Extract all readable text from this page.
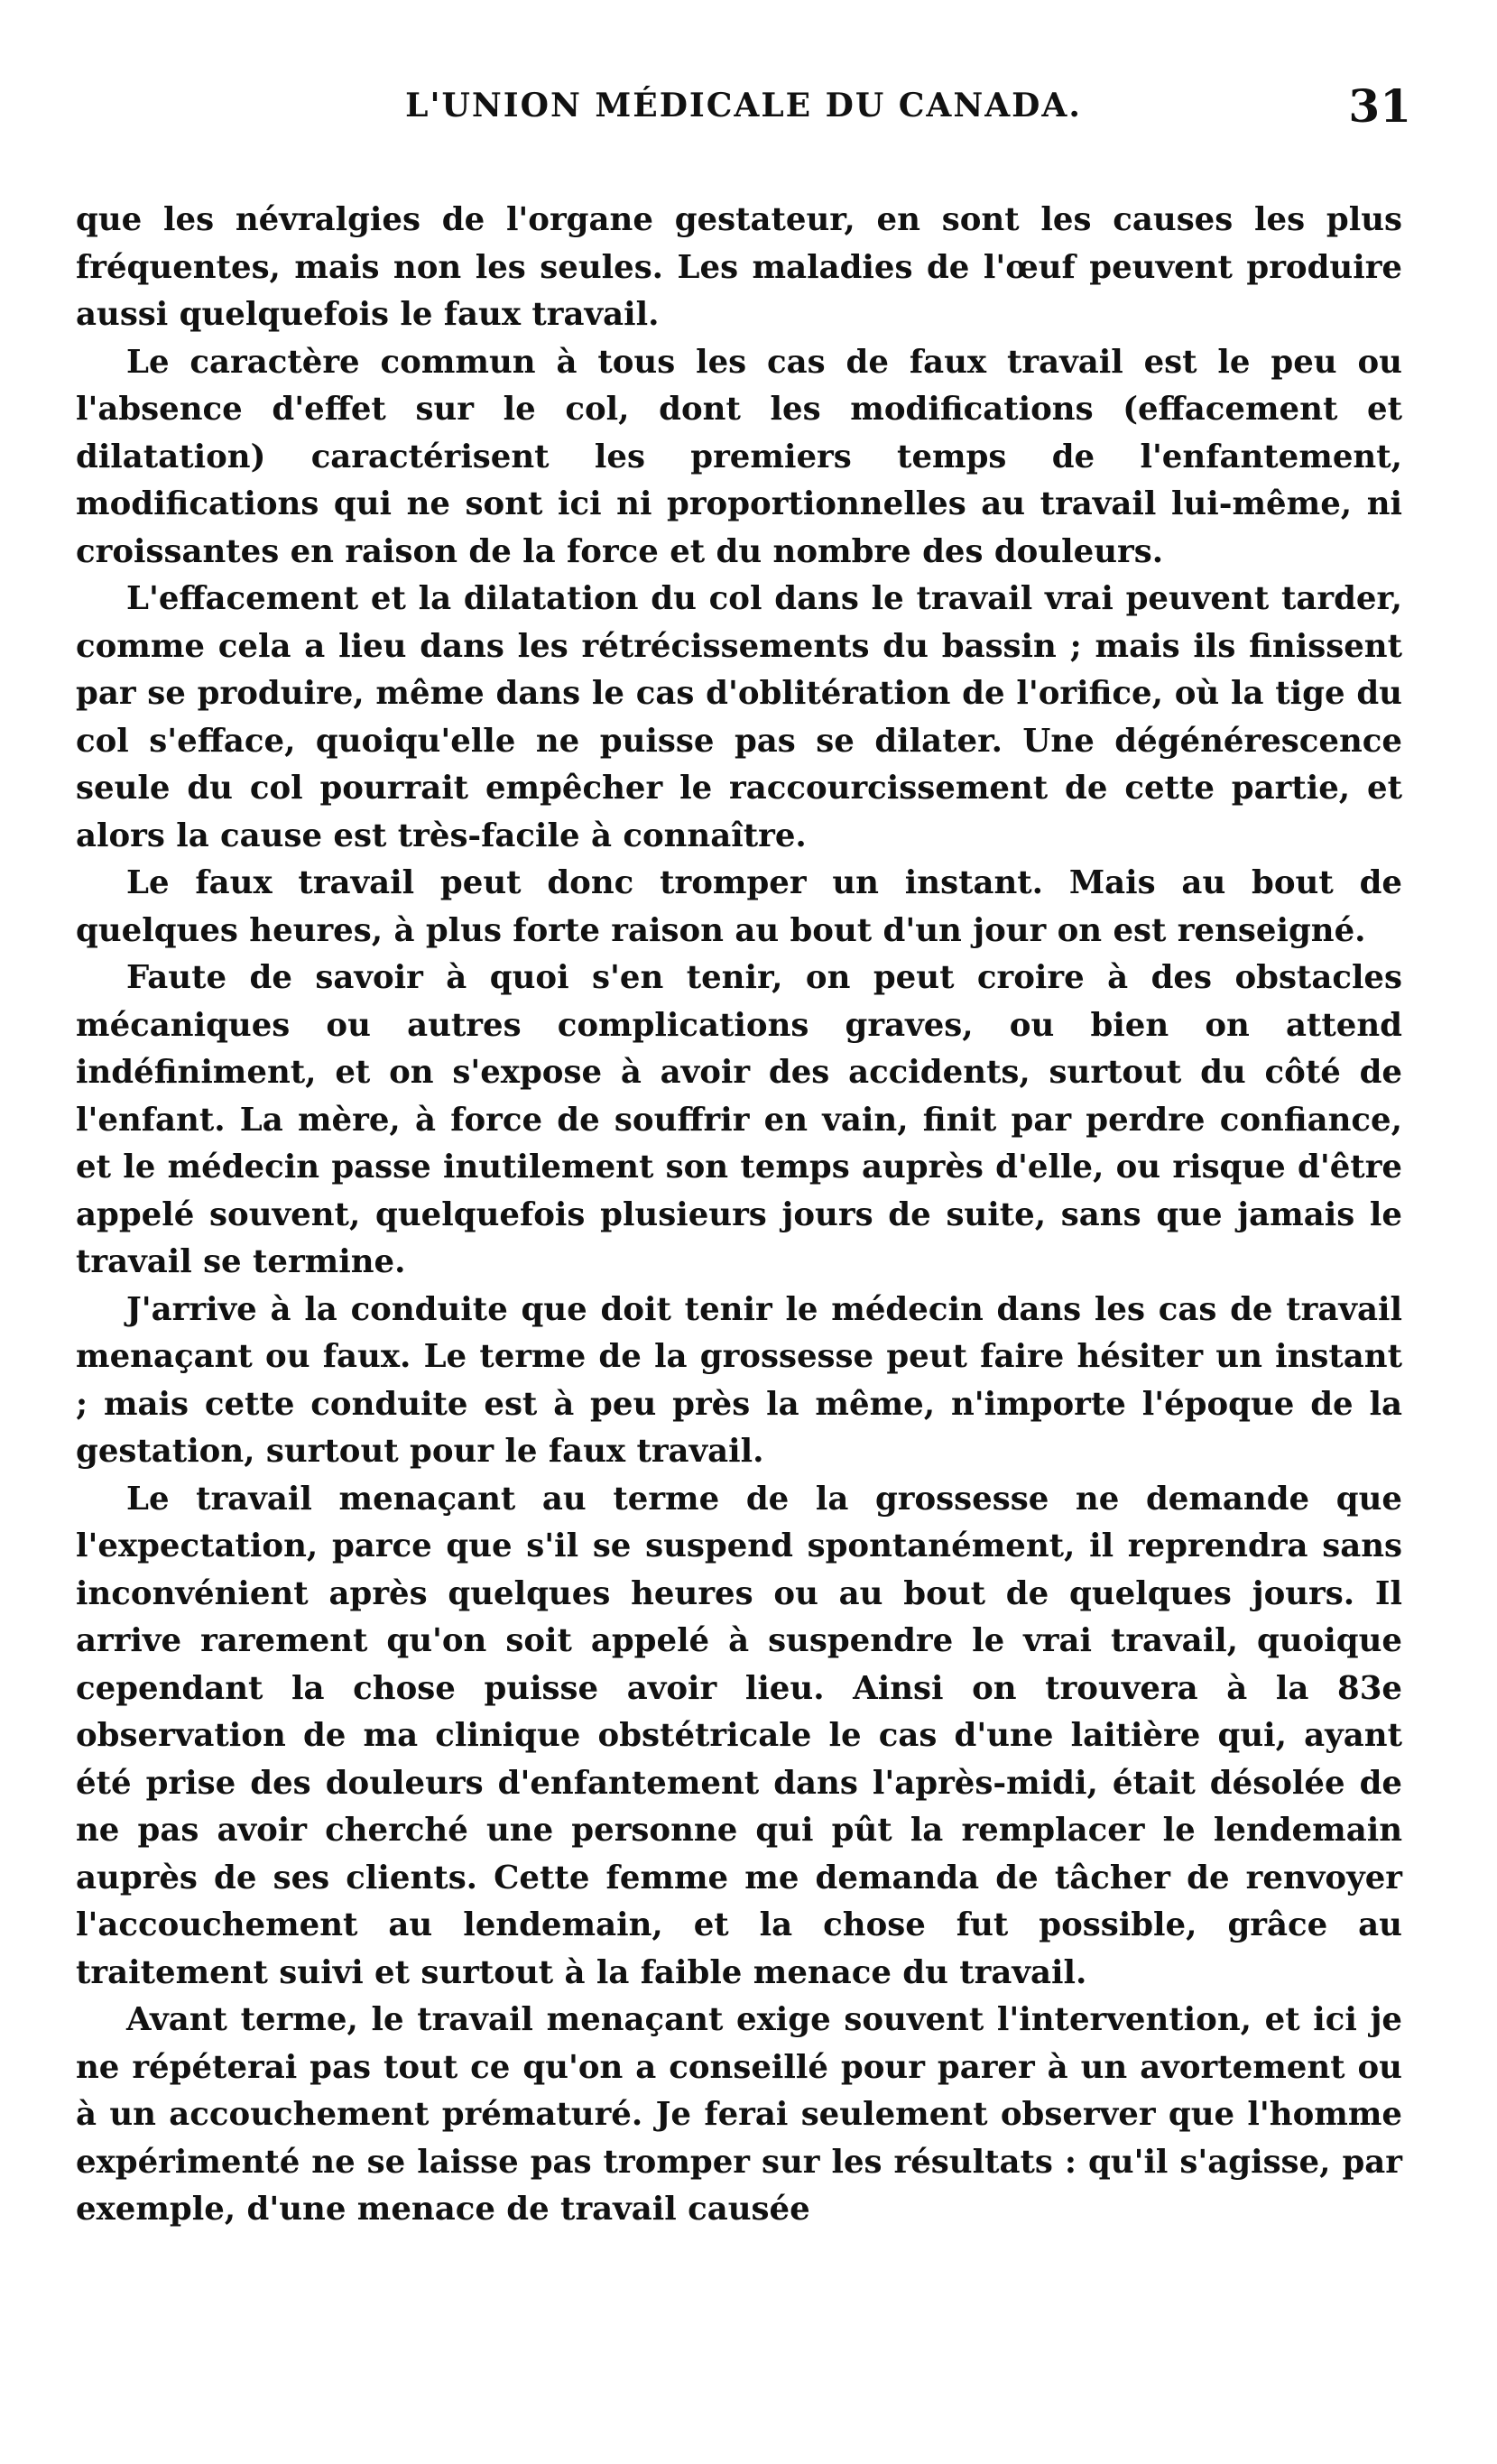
L'UNION MÉDICALE DU CANADA.	31

que les névralgies de l'organe gestateur, en sont les causes les plus fréquentes, mais non les seules. Les maladies de l'œuf peuvent produire aussi quelquefois le faux travail.

Le caractère commun à tous les cas de faux travail est le peu ou l'absence d'effet sur le col, dont les modifications (effacement et dilatation) caractérisent les premiers temps de l'enfantement, modifications qui ne sont ici ni proportionnelles au travail lui-même, ni croissantes en raison de la force et du nombre des douleurs.

L'effacement et la dilatation du col dans le travail vrai peuvent tarder, comme cela a lieu dans les rétrécissements du bassin ; mais ils finissent par se produire, même dans le cas d'oblitération de l'orifice, où la tige du col s'efface, quoiqu'elle ne puisse pas se dilater. Une dégénérescence seule du col pourrait empêcher le raccourcissement de cette partie, et alors la cause est très-facile à connaître.

Le faux travail peut donc tromper un instant. Mais au bout de quelques heures, à plus forte raison au bout d'un jour on est renseigné.

Faute de savoir à quoi s'en tenir, on peut croire à des obstacles mécaniques ou autres complications graves, ou bien on attend indéfiniment, et on s'expose à avoir des accidents, surtout du côté de l'enfant. La mère, à force de souffrir en vain, finit par perdre confiance, et le médecin passe inutilement son temps auprès d'elle, ou risque d'être appelé souvent, quelquefois plusieurs jours de suite, sans que jamais le travail se termine.

J'arrive à la conduite que doit tenir le médecin dans les cas de travail menaçant ou faux. Le terme de la grossesse peut faire hésiter un instant ; mais cette conduite est à peu près la même, n'importe l'époque de la gestation, surtout pour le faux travail.

Le travail menaçant au terme de la grossesse ne demande que l'expectation, parce que s'il se suspend spontanément, il reprendra sans inconvénient après quelques heures ou au bout de quelques jours. Il arrive rarement qu'on soit appelé à suspendre le vrai travail, quoique cependant la chose puisse avoir lieu. Ainsi on trouvera à la 83e observation de ma clinique obstétricale le cas d'une laitière qui, ayant été prise des douleurs d'enfantement dans l'après-midi, était désolée de ne pas avoir cherché une personne qui pût la remplacer le lendemain auprès de ses clients. Cette femme me demanda de tâcher de renvoyer l'accouchement au lendemain, et la chose fut possible, grâce au traitement suivi et surtout à la faible menace du travail.

Avant terme, le travail menaçant exige souvent l'intervention, et ici je ne répéterai pas tout ce qu'on a conseillé pour parer à un avortement ou à un accouchement prématuré. Je ferai seulement observer que l'homme expérimenté ne se laisse pas tromper sur les résultats : qu'il s'agisse, par exemple, d'une menace de travail causée
